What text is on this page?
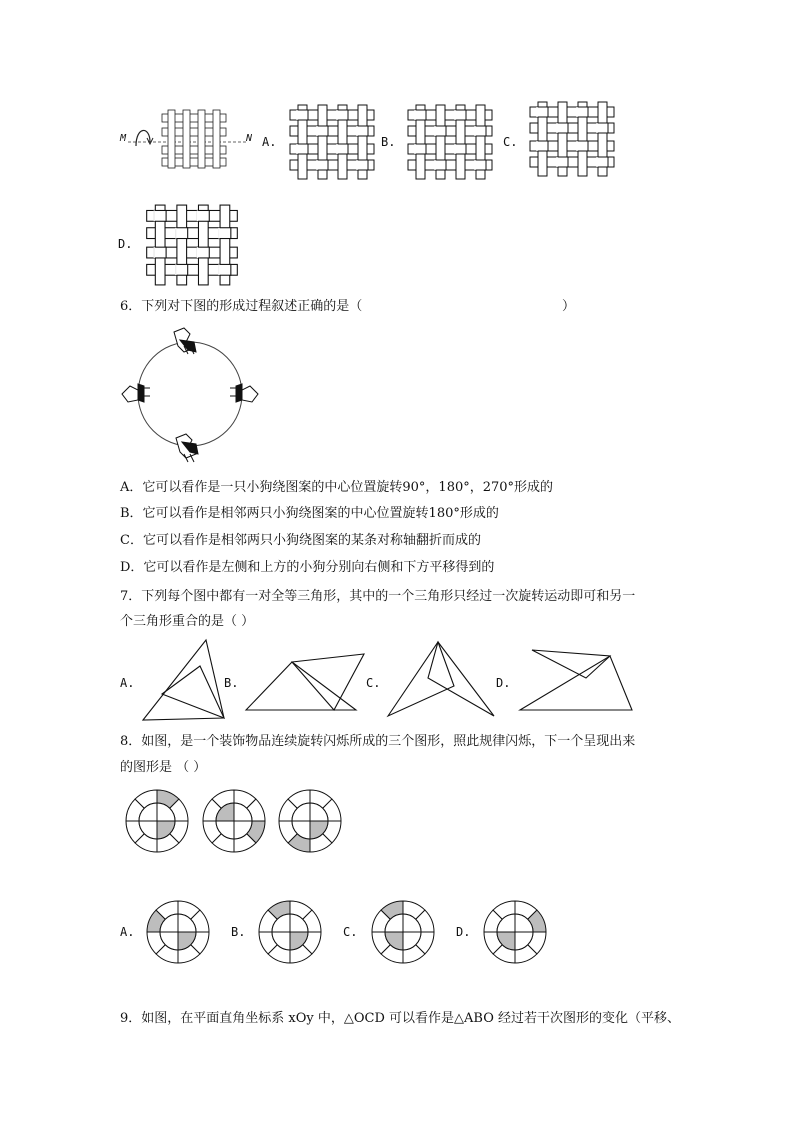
M	N A.	B.	C.
D.
6．下列对下图的形成过程叙述正确的是（	）
A．它可以看作是一只小狗绕图案的中心位置旋转90°，180°，270°形成的
B．它可以看作是相邻两只小狗绕图案的中心位置旋转180°形成的
C．它可以看作是相邻两只小狗绕图案的某条对称轴翻折而成的
D．它可以看作是左侧和上方的小狗分别向右侧和下方平移得到的
7．下列每个图中都有一对全等三角形，其中的一个三角形只经过一次旋转运动即可和另一
个三角形重合的是（ ）
A.	B.	C.	D.
8．如图，是一个装饰物品连续旋转闪烁所成的三个图形，照此规律闪烁，下一个呈现出来
的图形是 （ ）
A.	B.	C.	D.
9．如图，在平面直角坐标系 xOy 中，△OCD 可以看作是△ABO 经过若干次图形的变化（平移、
